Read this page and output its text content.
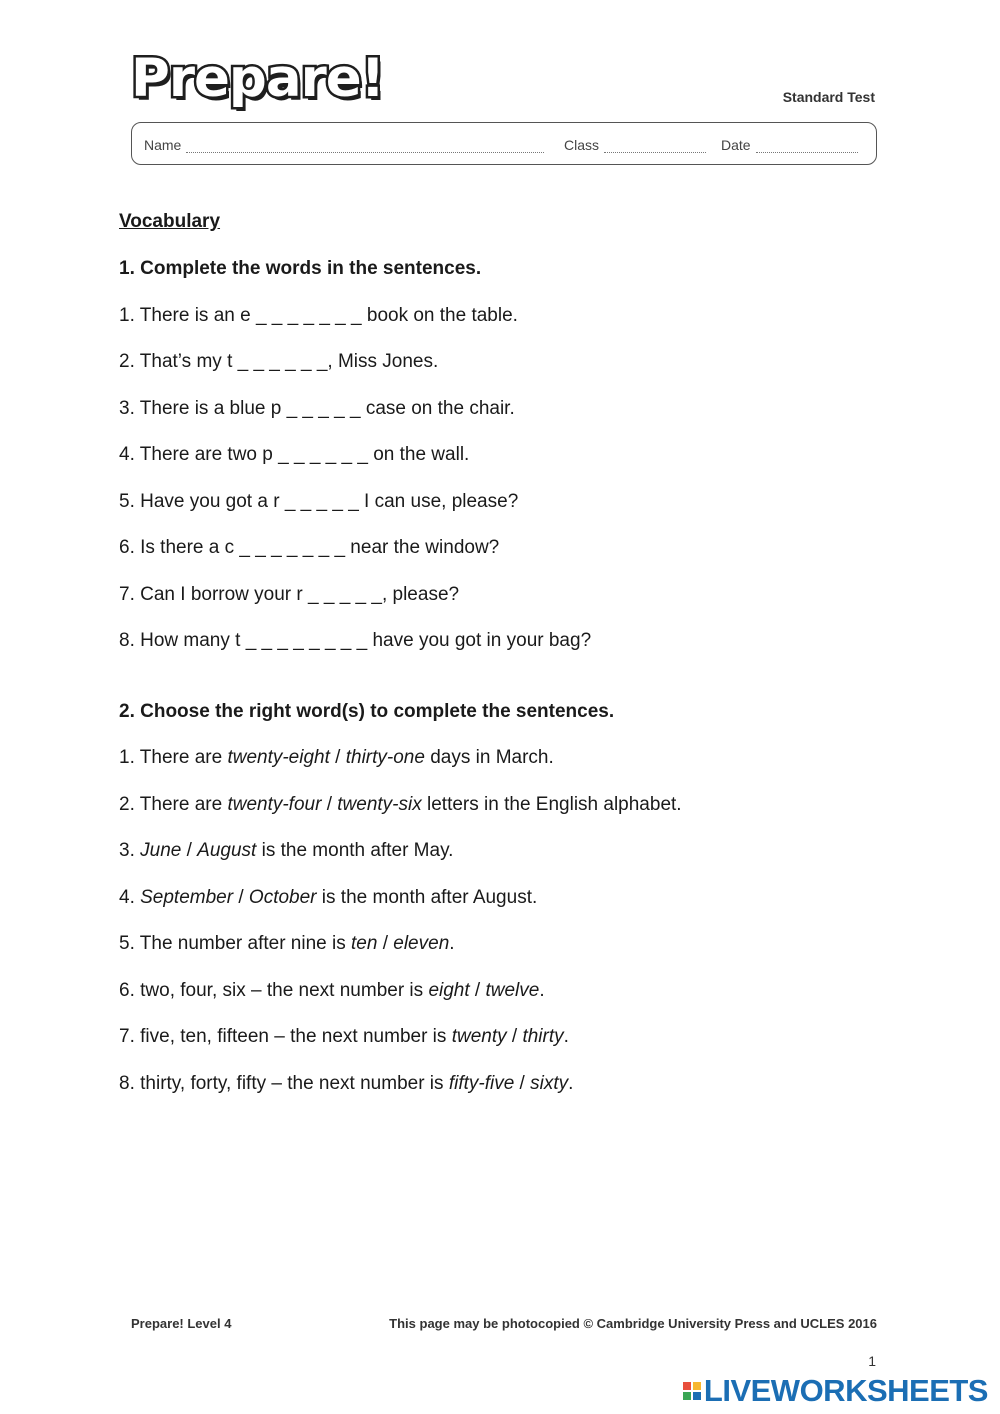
Prepare!	Standard Test
Name	Class	Date
Vocabulary
1. Complete the words in the sentences.
1. There is an e _ _ _ _ _ _ _ book on the table.
2. That’s my t _ _ _ _ _ _, Miss Jones.
3. There is a blue p _ _ _ _ _ case on the chair.
4. There are two p _ _ _ _ _ _ on the wall.
5. Have you got a r _ _ _ _ _ I can use, please?
6. Is there a c _ _ _ _ _ _ _ near the window?
7. Can I borrow your r _ _ _ _ _, please?
8. How many t _ _ _ _ _ _ _ _ have you got in your bag?
2. Choose the right word(s) to complete the sentences.
1. There are twenty-eight / thirty-one days in March.
2. There are twenty-four / twenty-six letters in the English alphabet.
3. June / August is the month after May.
4. September / October is the month after August.
5. The number after nine is ten / eleven.
6. two, four, six – the next number is eight / twelve.
7. five, ten, fifteen – the next number is twenty / thirty.
8. thirty, forty, fifty – the next number is fifty-five / sixty.
Prepare! Level 4	This page may be photocopied © Cambridge University Press and UCLES 2016
1
LIVEWORKSHEETS
